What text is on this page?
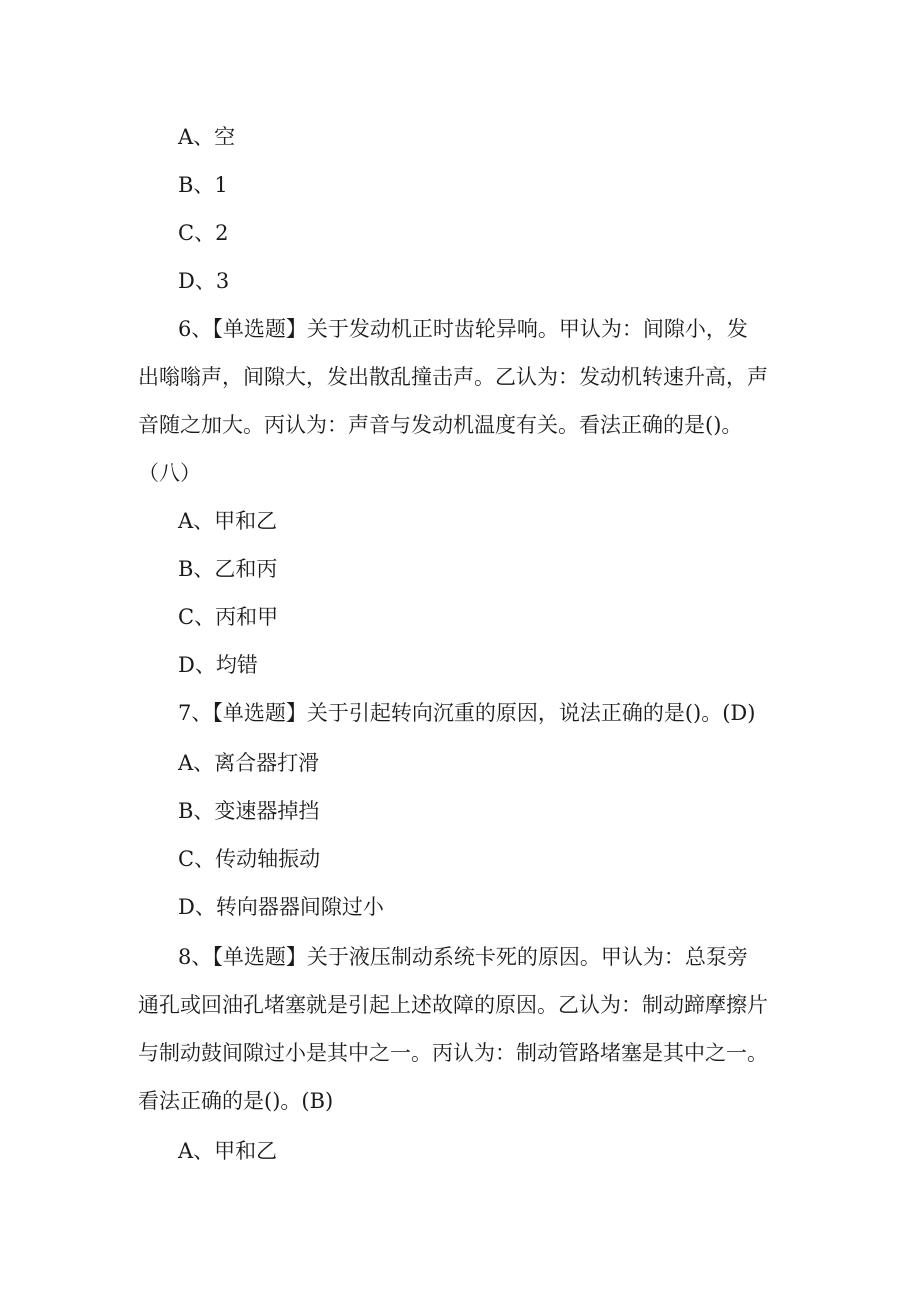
A、空
B、1
C、2
D、3
6、【单选题】关于发动机正时齿轮异响。甲认为：间隙小，发
出嗡嗡声，间隙大，发出散乱撞击声。乙认为：发动机转速升高，声
音随之加大。丙认为：声音与发动机温度有关。看法正确的是()。
（八）
A、甲和乙
B、乙和丙
C、丙和甲
D、均错
7、【单选题】关于引起转向沉重的原因，说法正确的是()。(D)
A、离合器打滑
B、变速器掉挡
C、传动轴振动
D、转向器器间隙过小
8、【单选题】关于液压制动系统卡死的原因。甲认为：总泵旁
通孔或回油孔堵塞就是引起上述故障的原因。乙认为：制动蹄摩擦片
与制动鼓间隙过小是其中之一。丙认为：制动管路堵塞是其中之一。
看法正确的是()。(B)
A、甲和乙
